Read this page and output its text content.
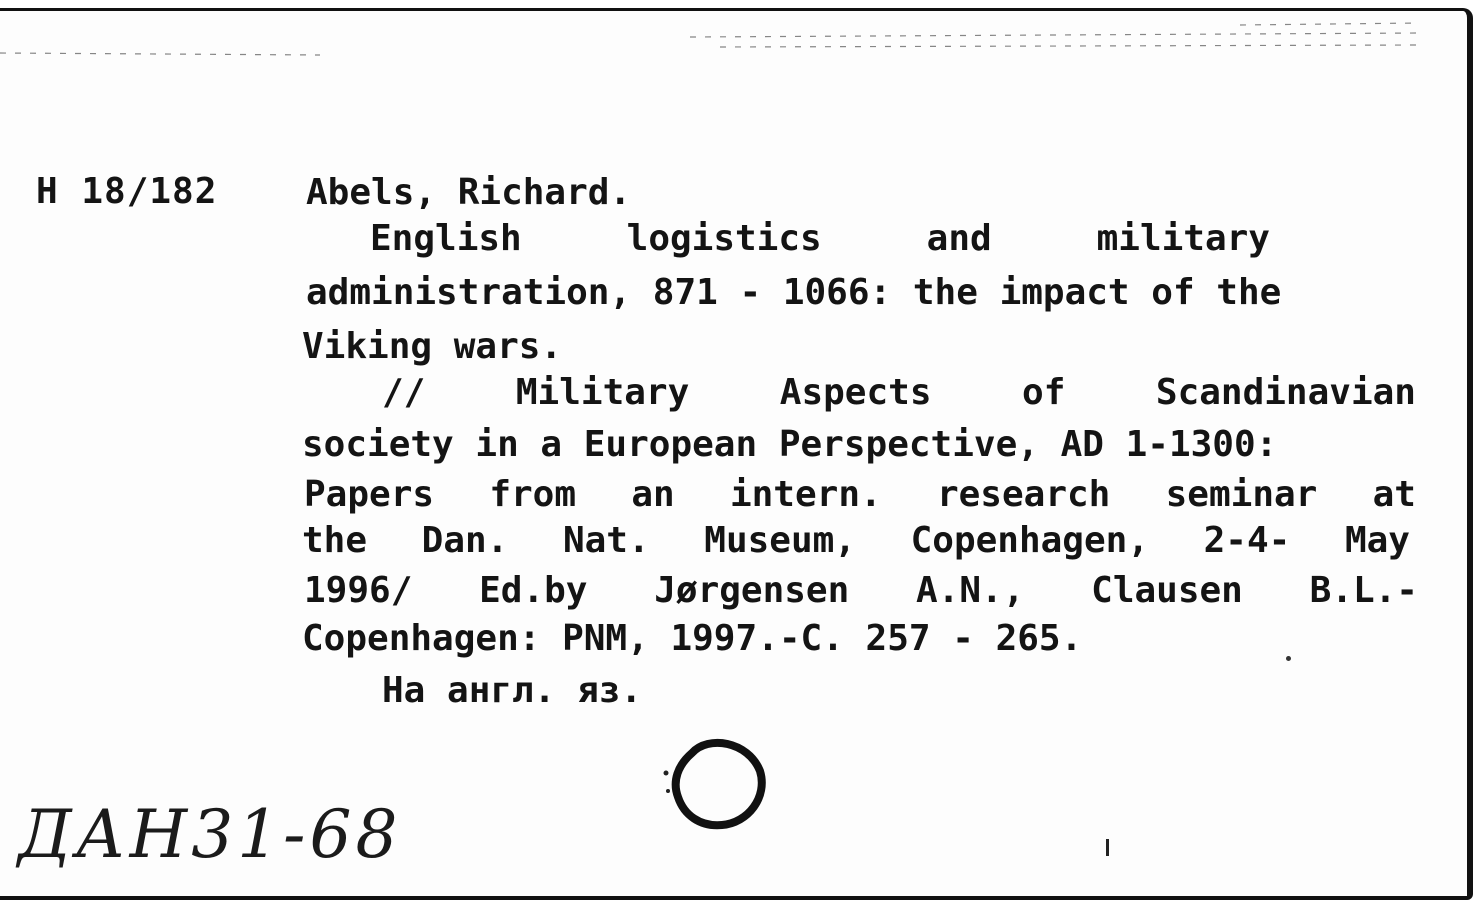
Н 18/182 Abels, Richard.
English	logistics	and	military
administration, 871 - 1066: the impact of the
Viking wars.
//	Military	Aspects	of	Scandinavian
society in a European Perspective, AD 1-1300:
Papers from an intern. research seminar at
the Dan. Nat. Museum, Copenhagen, 2-4- May
1996/ Ed.by Jørgensen A.N., Clausen B.L.-
Copenhagen: PNM, 1997.-C. 257 - 265.
На англ. яз.
ДАН31-68
